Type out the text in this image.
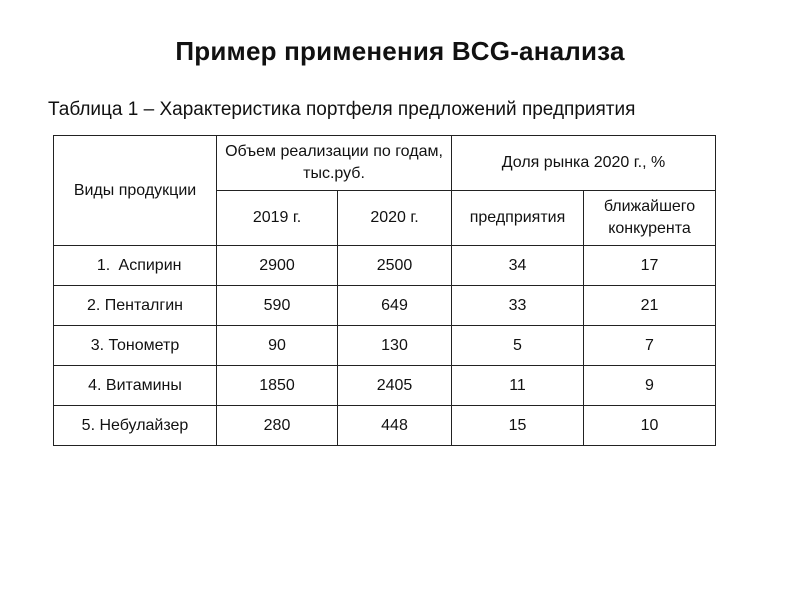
Пример применения BCG-анализа
Таблица 1 – Характеристика портфеля предложений предприятия
Виды продукции	Объем реализации по годам, тыс.руб.		Доля рынка 2020 г., %	
	2019 г.	2020 г.	предприятия	ближайшего конкурента
1. Аспирин	2900	2500	34	17
2. Пенталгин	590	649	33	21
3. Тонометр	90	130	5	7
4. Витамины	1850	2405	11	9
5. Небулайзер	280	448	15	10
